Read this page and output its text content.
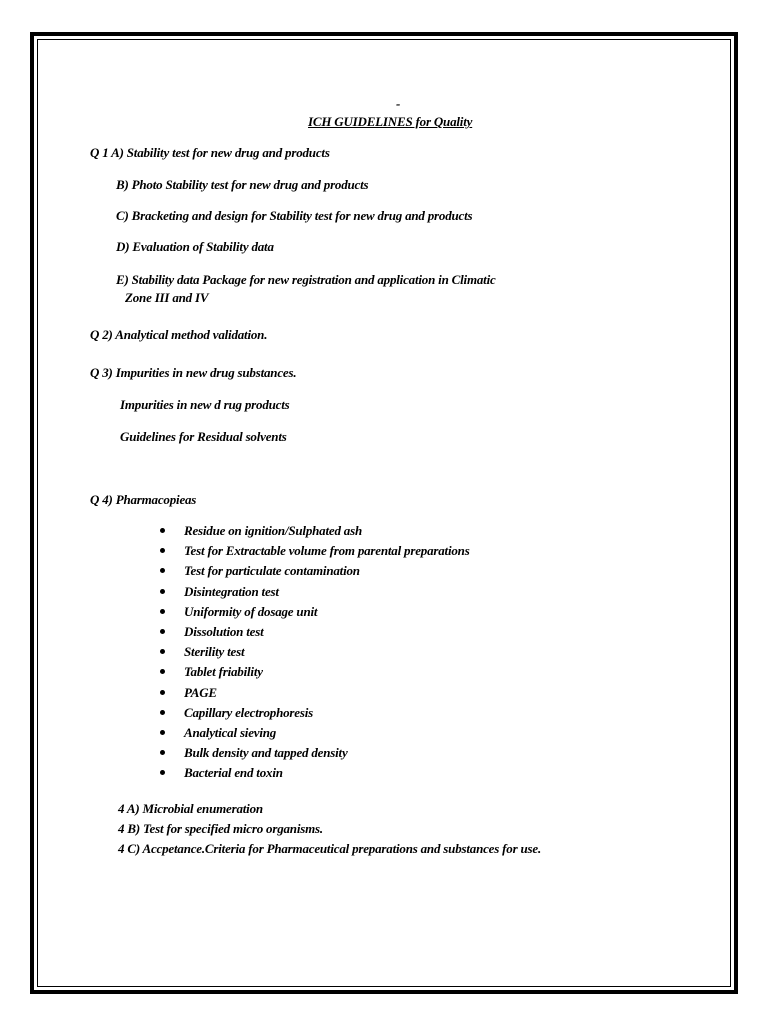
-
ICH GUIDELINES for Quality
Q 1 A) Stability test for new drug and products
B) Photo Stability test for new drug and products
C) Bracketing and design for Stability test for new drug and products
D) Evaluation of Stability data
E) Stability data Package for new registration and application in Climatic
Zone III and IV
Q 2) Analytical method validation.
Q 3) Impurities in new drug substances.
Impurities in new d rug products
Guidelines for Residual solvents
Q 4) Pharmacopieas
Residue on ignition/Sulphated ash
Test for Extractable volume from parental preparations
Test for particulate contamination
Disintegration test
Uniformity of dosage unit
Dissolution test
Sterility test
Tablet friability
PAGE
Capillary electrophoresis
Analytical sieving
Bulk density and tapped density
Bacterial end toxin
4 A) Microbial enumeration
4 B) Test for specified micro organisms.
4 C) Accpetance.Criteria for Pharmaceutical preparations and substances for use.
